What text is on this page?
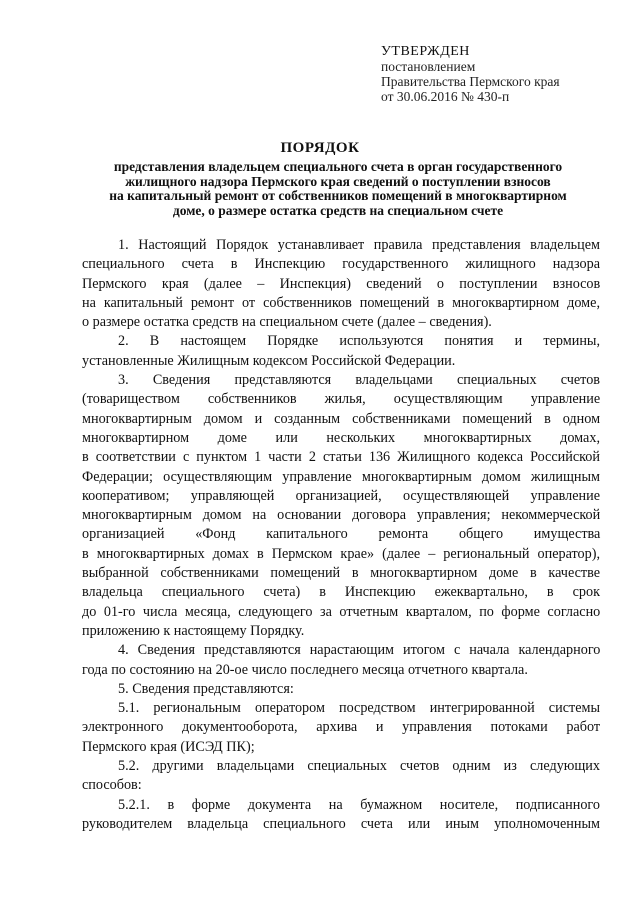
УТВЕРЖДЕН
постановлением
Правительства Пермского края
от 30.06.2016 № 430-п
ПОРЯДОК
представления владельцем специального счета в орган государственного
жилищного надзора Пермского края сведений о поступлении взносов
на капитальный ремонт от собственников помещений в многоквартирном
доме, о размере остатка средств на специальном счете
1. Настоящий Порядок устанавливает правила представления владельцем
специального счета в Инспекцию государственного жилищного надзора
Пермского края (далее – Инспекция) сведений о поступлении взносов
на капитальный ремонт от собственников помещений в многоквартирном доме,

о размере остатка средств на специальном счете (далее – сведения).

2. В настоящем Порядке используются понятия и термины,

установленные Жилищным кодексом Российской Федерации.

3. Сведения представляются владельцами специальных счетов
(товариществом собственников жилья, осуществляющим управление
многоквартирным домом и созданным собственниками помещений в одном
многоквартирном доме или нескольких многоквартирных домах,
в соответствии с пунктом 1 части 2 статьи 136 Жилищного кодекса Российской
Федерации; осуществляющим управление многоквартирным домом жилищным
кооперативом; управляющей организацией, осуществляющей управление
многоквартирным домом на основании договора управления; некоммерческой
организацией «Фонд капитального ремонта общего имущества
в многоквартирных домах в Пермском крае» (далее – региональный оператор),
выбранной собственниками помещений в многоквартирном доме в качестве
владельца специального счета) в Инспекцию ежеквартально, в срок
до 01-го числа месяца, следующего за отчетным кварталом, по форме согласно

приложению к настоящему Порядку.

4. Сведения представляются нарастающим итогом с начала календарного

года по состоянию на 20-ое число последнего месяца отчетного квартала.

5. Сведения представляются:

5.1. региональным оператором посредством интегрированной системы
электронного документооборота, архива и управления потоками работ

Пермского края (ИСЭД ПК);

5.2. другими владельцами специальных счетов одним из следующих

способов:

5.2.1. в форме документа на бумажном носителе, подписанного
руководителем владельца специального счета или иным уполномоченным
